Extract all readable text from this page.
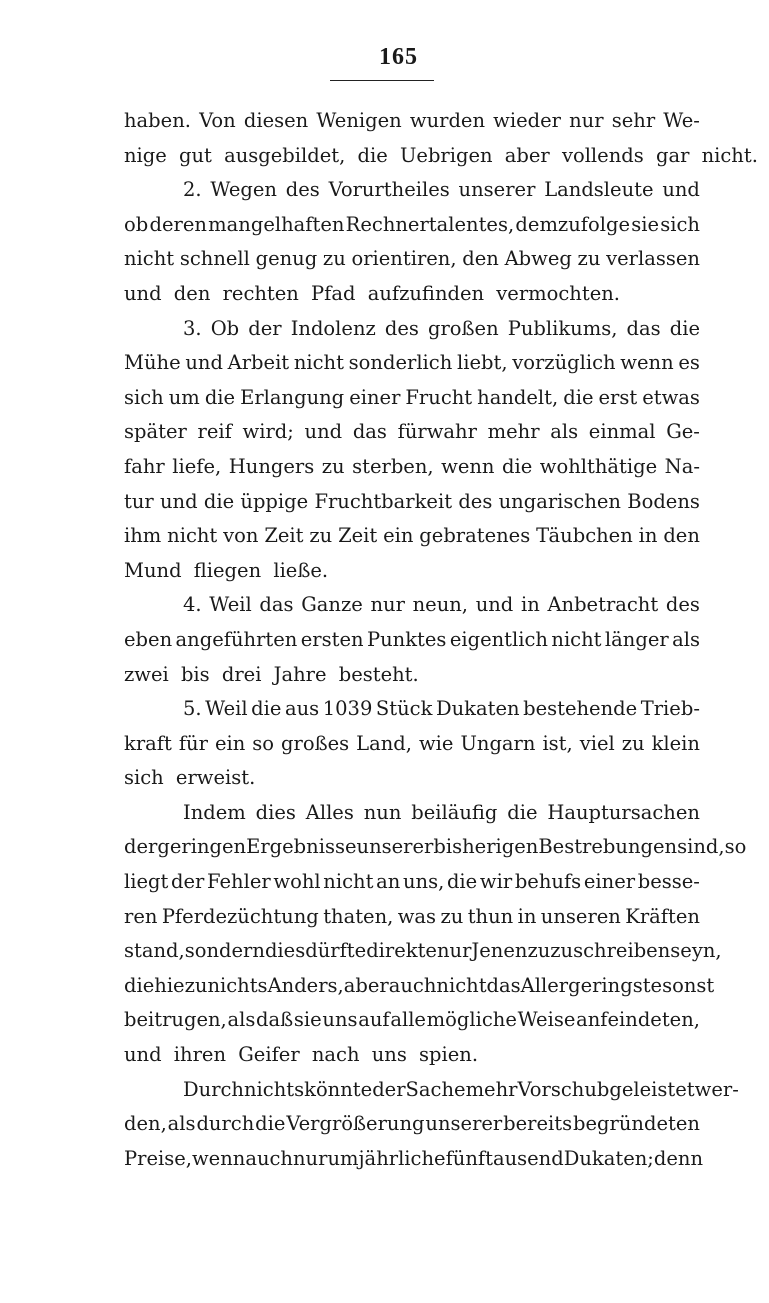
165
haben. Von diesen Wenigen wurden wieder nur sehr We-
nige gut ausgebildet, die Uebrigen aber vollends gar nicht.
2. Wegen des Vorurtheiles unserer Landsleute und
ob deren mangelhaften Rechnertalentes, demzufolge sie sich
nicht schnell genug zu orientiren, den Abweg zu verlassen
und den rechten Pfad aufzufinden vermochten.
3. Ob der Indolenz des großen Publikums, das die
Mühe und Arbeit nicht sonderlich liebt, vorzüglich wenn es
sich um die Erlangung einer Frucht handelt, die erst etwas
später reif wird; und das fürwahr mehr als einmal Ge-
fahr liefe, Hungers zu sterben, wenn die wohlthätige Na-
tur und die üppige Fruchtbarkeit des ungarischen Bodens
ihm nicht von Zeit zu Zeit ein gebratenes Täubchen in den
Mund fliegen ließe.
4. Weil das Ganze nur neun, und in Anbetracht des
eben angeführten ersten Punktes eigentlich nicht länger als
zwei bis drei Jahre besteht.
5. Weil die aus 1039 Stück Dukaten bestehende Trieb-
kraft für ein so großes Land, wie Ungarn ist, viel zu klein
sich erweist.
Indem dies Alles nun beiläufig die Hauptursachen
der geringen Ergebnisse unserer bisherigen Bestrebungen sind, so
liegt der Fehler wohl nicht an uns, die wir behufs einer besse-
ren Pferdezüchtung thaten, was zu thun in unseren Kräften
stand, sondern dies dürfte direkte nur Jenen zuzuschreiben seyn,
die hiezu nichts Anders, aber auch nicht das Allergeringste sonst
beitrugen, als daß sie uns auf alle mögliche Weise anfeindeten,
und ihren Geifer nach uns spien.
Durch nichts könnte der Sache mehr Vorschub geleistet wer-
den, als durch die Vergrößerung unserer bereits begründeten
Preise, wenn auch nur um jährliche fünftausend Dukaten; denn
